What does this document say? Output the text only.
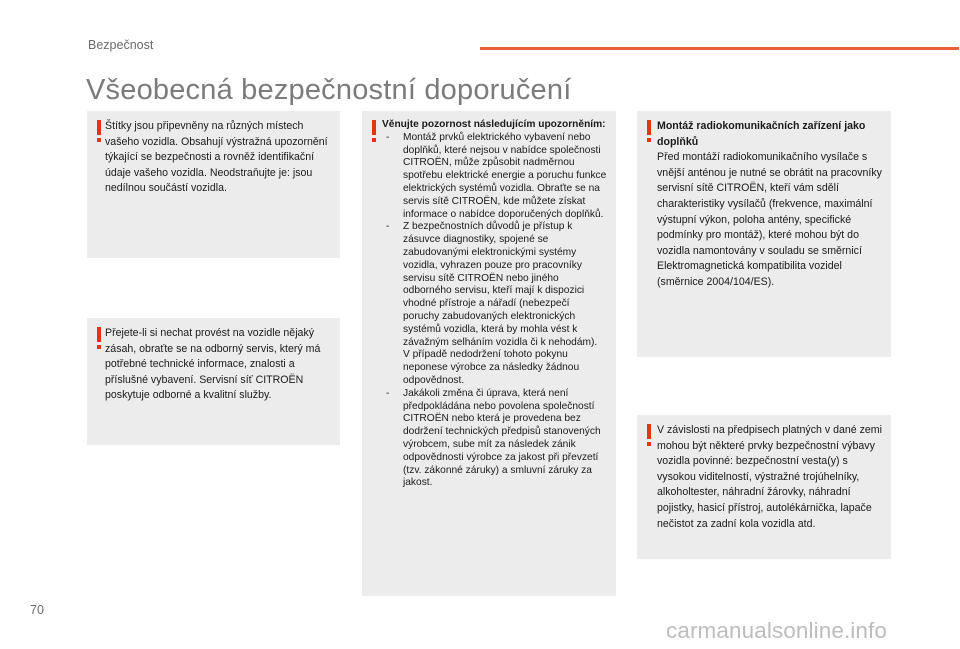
Bezpečnost
Všeobecná bezpečnostní doporučení
Štítky jsou připevněny na různých místech vašeho vozidla. Obsahují výstražná upozornění týkající se bezpečnosti a rovněž identifikační údaje vašeho vozidla. Neodstraňujte je: jsou nedílnou součástí vozidla.
Přejete-li si nechat provést na vozidle nějaký zásah, obraťte se na odborný servis, který má potřebné technické informace, znalosti a příslušné vybavení. Servisní síť CITROËN poskytuje odborné a kvalitní služby.
Věnujte pozornost následujícím upozorněním:
- Montáž prvků elektrického vybavení nebo doplňků, které nejsou v nabídce společnosti CITROËN, může způsobit nadměrnou spotřebu elektrické energie a poruchu funkce elektrických systémů vozidla. Obraťte se na servis sítě CITROËN, kde můžete získat informace o nabídce doporučených doplňků.
- Z bezpečnostních důvodů je přístup k zásuvce diagnostiky, spojené se zabudovanými elektronickými systémy vozidla, vyhrazen pouze pro pracovníky servisu sítě CITROËN nebo jiného odborného servisu, kteří mají k dispozici vhodné přístroje a nářadí (nebezpečí poruchy zabudovaných elektronických systémů vozidla, která by mohla vést k závažným selháním vozidla či k nehodám).
V případě nedodržení tohoto pokynu neponese výrobce za následky žádnou odpovědnost.
- Jakákoli změna či úprava, která není předpokládána nebo povolena společností CITROËN nebo která je provedena bez dodržení technických předpisů stanovených výrobcem, sube mít za následek zánik odpovědnosti výrobce za jakost při převzetí (tzv. zákonné záruky) a smluvní záruky za jakost.
Montáž radiokomunikačních zařízení jako doplňků
Před montáží radiokomunikačního vysílače s vnější anténou je nutné se obrátit na pracovníky servisní sítě CITROËN, kteří vám sdělí charakteristiky vysílačů (frekvence, maximální výstupní výkon, poloha antény, specifické podmínky pro montáž), které mohou být do vozidla namontovány v souladu se směrnicí Elektromagnetická kompatibilita vozidel (směrnice 2004/104/ES).
V závislosti na předpisech platných v dané zemi mohou být některé prvky bezpečnostní výbavy vozidla povinné: bezpečnostní vesta(y) s vysokou viditelností, výstražné trojúhelníky, alkoholtester, náhradní žárovky, náhradní pojistky, hasicí přístroj, autolékárnička, lapače nečistot za zadní kola vozidla atd.
70
carmanualsonline.info
